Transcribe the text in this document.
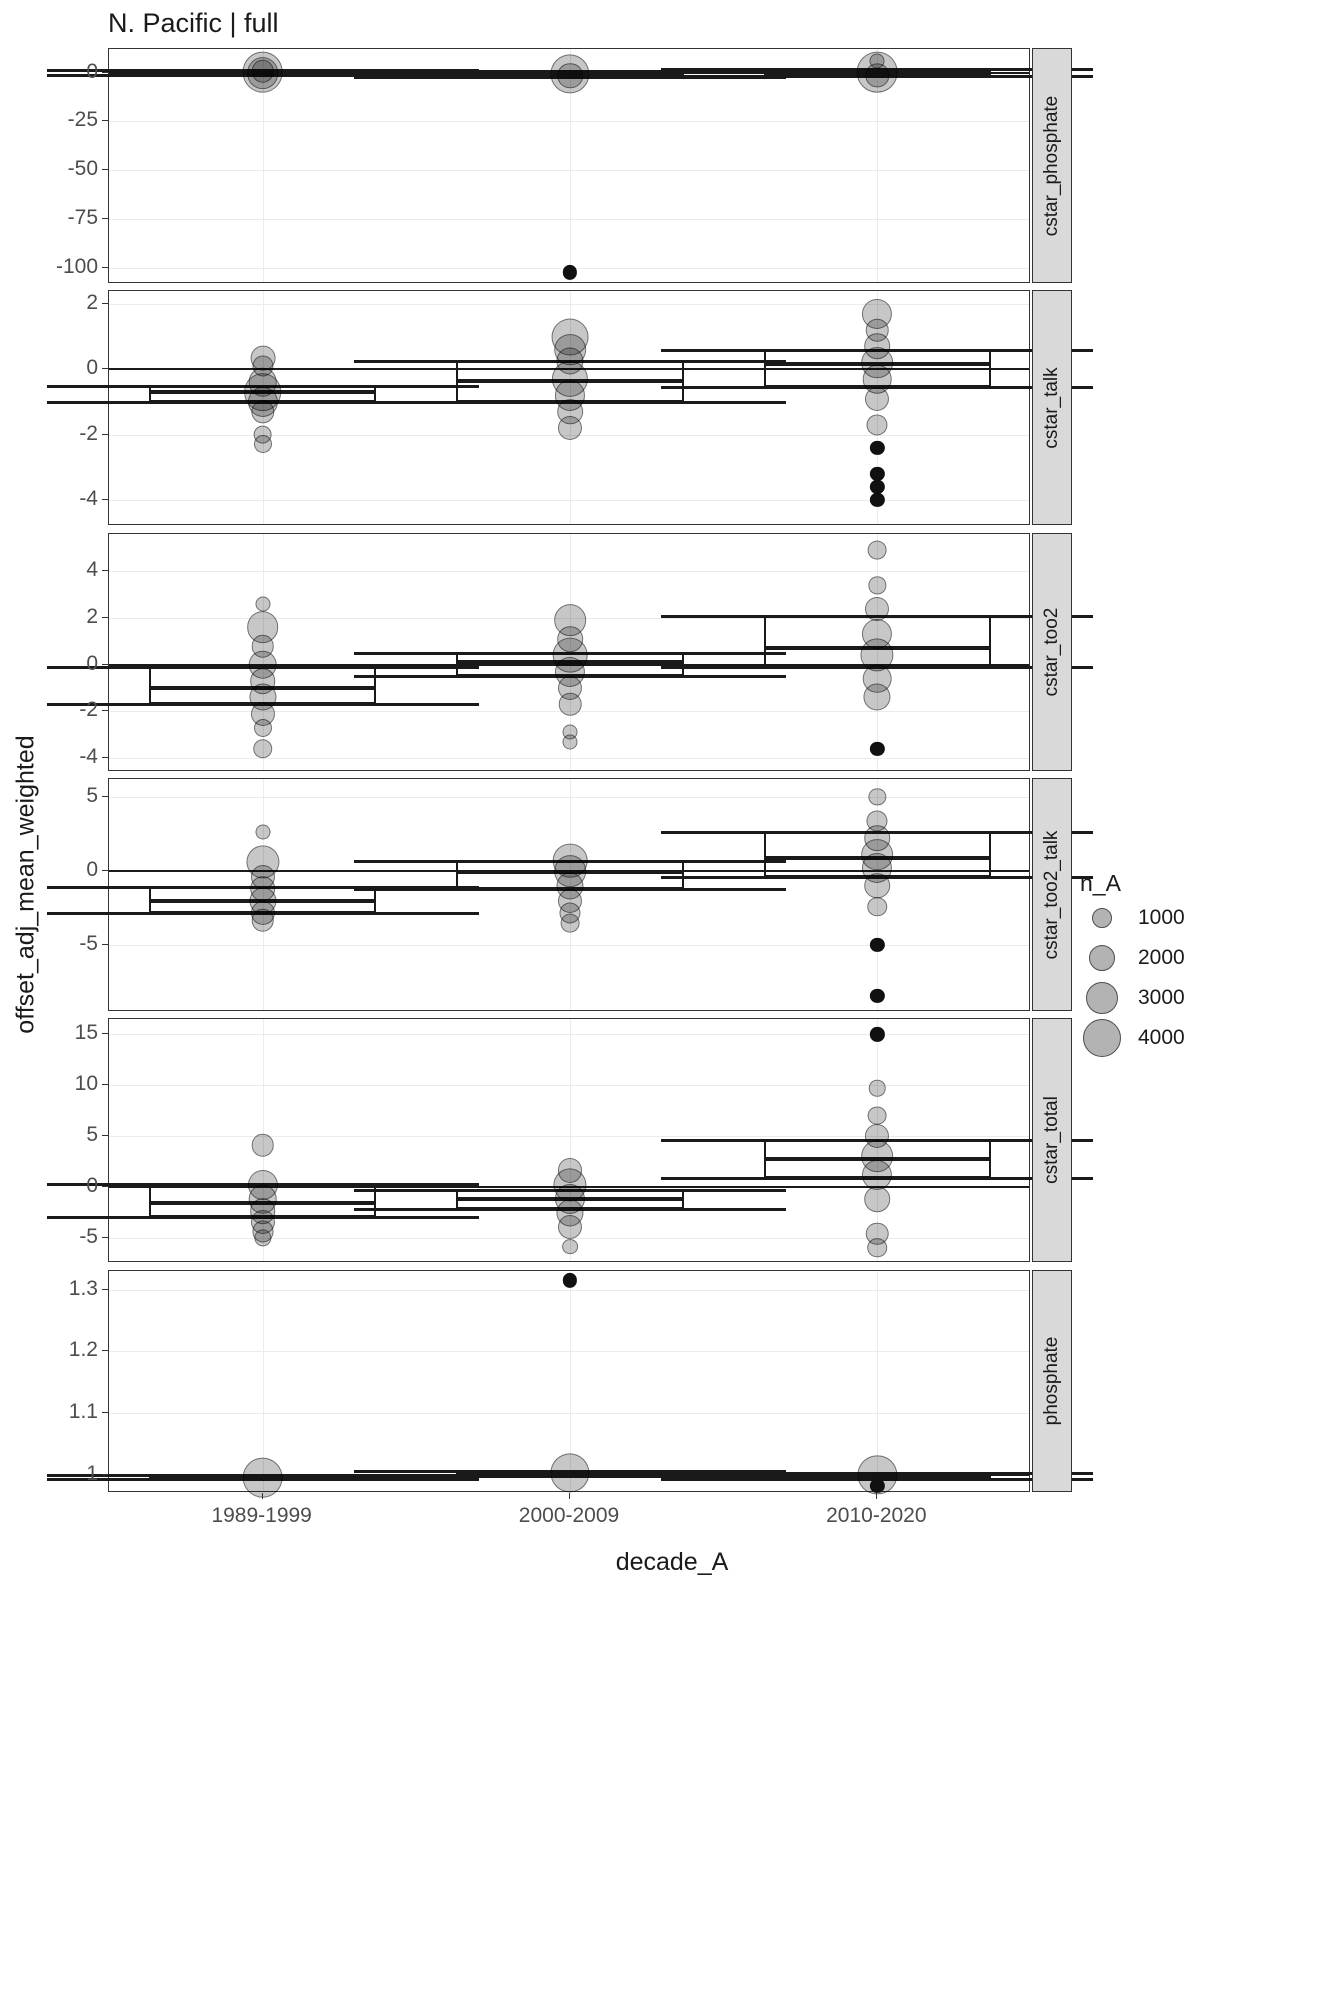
N. Pacific | full
offset_adj_mean_weighted
cstar_phosphate
0
-25
-50
-75
-100
cstar_talk
2
0
-2
-4
cstar_too2
4
2
0
-2
-4
cstar_too2_talk
5
0
-5
cstar_total
15
10
5
0
-5
phosphate
1.3
1.2
1.1
1
1989-1999	2000-2009	2010-2020
decade_A
n_A
1000
2000
3000
4000
